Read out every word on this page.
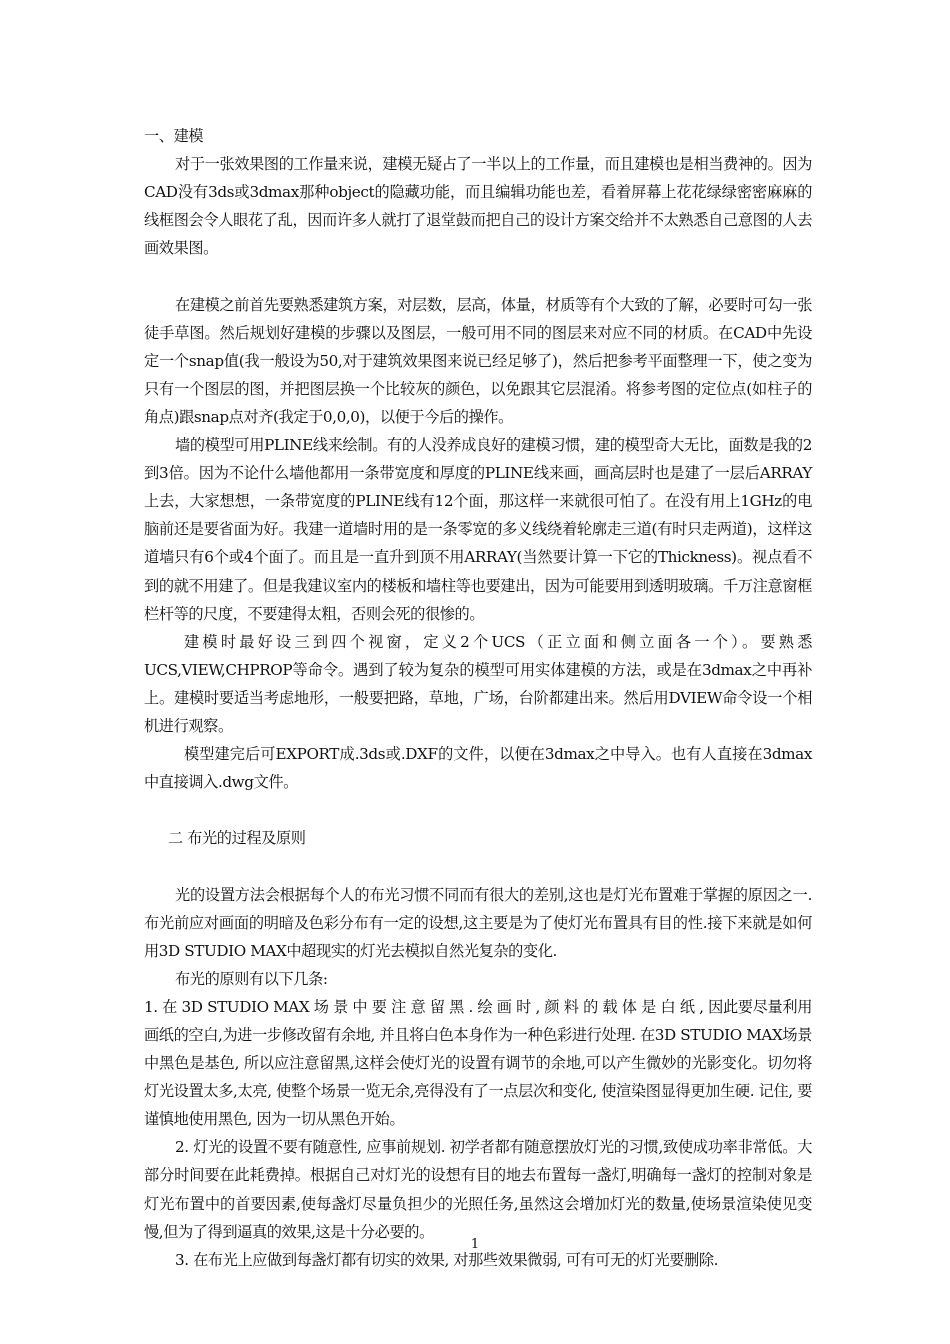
一、建模

对于一张效果图的工作量来说，建模无疑占了一半以上的工作量，而且建模也是相当费神的。因为CAD没有3ds或3dmax那种object的隐藏功能，而且编辑功能也差，看着屏幕上花花绿绿密密麻麻的线框图会令人眼花了乱，因而许多人就打了退堂鼓而把自己的设计方案交给并不太熟悉自己意图的人去画效果图。

在建模之前首先要熟悉建筑方案，对层数，层高，体量，材质等有个大致的了解，必要时可勾一张徒手草图。然后规划好建模的步骤以及图层，一般可用不同的图层来对应不同的材质。在CAD中先设定一个snap值(我一般设为50,对于建筑效果图来说已经足够了)，然后把参考平面整理一下，使之变为只有一个图层的图，并把图层换一个比较灰的颜色，以免跟其它层混淆。将参考图的定位点(如柱子的角点)跟snap点对齐(我定于0,0,0)，以便于今后的操作。

墙的模型可用PLINE线来绘制。有的人没养成良好的建模习惯，建的模型奇大无比，面数是我的2到3倍。因为不论什么墙他都用一条带宽度和厚度的PLINE线来画，画高层时也是建了一层后ARRAY上去，大家想想，一条带宽度的PLINE线有12个面，那这样一来就很可怕了。在没有用上1GHz的电脑前还是要省面为好。我建一道墙时用的是一条零宽的多义线绕着轮廓走三道(有时只走两道)，这样这道墙只有6个或4个面了。而且是一直升到顶不用ARRAY(当然要计算一下它的Thickness)。视点看不到的就不用建了。但是我建议室内的楼板和墙柱等也要建出，因为可能要用到透明玻璃。千万注意窗框栏杆等的尺度，不要建得太粗，否则会死的很惨的。

建模时最好设三到四个视窗，定义2个UCS（正立面和侧立面各一个）。要熟悉UCS,VIEW,CHPROP等命令。遇到了较为复杂的模型可用实体建模的方法，或是在3dmax之中再补上。建模时要适当考虑地形，一般要把路，草地，广场，台阶都建出来。然后用DVIEW命令设一个相机进行观察。

模型建完后可EXPORT成.3ds或.DXF的文件，以便在3dmax之中导入。也有人直接在3dmax中直接调入.dwg文件。

二 布光的过程及原则

光的设置方法会根据每个人的布光习惯不同而有很大的差别,这也是灯光布置难于掌握的原因之一.布光前应对画面的明暗及色彩分布有一定的设想,这主要是为了使灯光布置具有目的性.接下来就是如何用3D STUDIO MAX中超现实的灯光去模拟自然光复杂的变化.

布光的原则有以下几条:

1. 在 3D STUDIO MAX 场 景 中 要 注 意 留 黑 . 绘 画 时 , 颜 料 的 载 体 是 白 纸 , 因此要尽量利用画纸的空白,为进一步修改留有余地, 并且将白色本身作为一种色彩进行处理. 在3D STUDIO MAX场景中黑色是基色, 所以应注意留黑,这样会使灯光的设置有调节的余地,可以产生微妙的光影变化。切勿将灯光设置太多,太亮, 使整个场景一览无余,亮得没有了一点层次和变化, 使渲染图显得更加生硬. 记住, 要谨慎地使用黑色, 因为一切从黑色开始。

2. 灯光的设置不要有随意性, 应事前规划. 初学者都有随意摆放灯光的习惯,致使成功率非常低。大部分时间要在此耗费掉。根据自己对灯光的设想有目的地去布置每一盏灯,明确每一盏灯的控制对象是灯光布置中的首要因素,使每盏灯尽量负担少的光照任务,虽然这会增加灯光的数量,使场景渲染使见变慢,但为了得到逼真的效果,这是十分必要的。

3. 在布光上应做到每盏灯都有切实的效果, 对那些效果微弱, 可有可无的灯光要删除.

1
